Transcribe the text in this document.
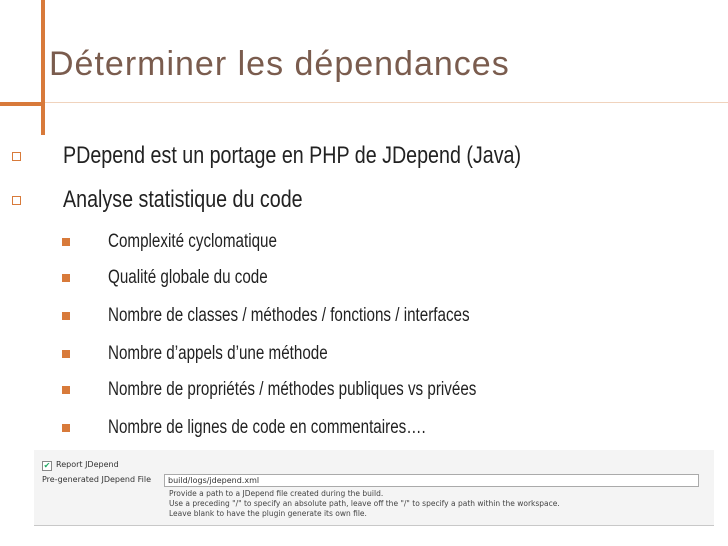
Déterminer les dépendances
PDepend est un portage en PHP de JDepend (Java)
Analyse statistique du code
Complexité cyclomatique
Qualité globale du code
Nombre de classes / méthodes / fonctions / interfaces
Nombre d’appels d’une méthode
Nombre de propriétés / méthodes publiques vs privées
Nombre de lignes de code en commentaires….
✔ Report JDepend
Pre-generated JDepend File	build/logs/jdepend.xml
Provide a path to a JDepend file created during the build.
Use a preceding "/" to specify an absolute path, leave off the "/" to specify a path within the workspace.
Leave blank to have the plugin generate its own file.
